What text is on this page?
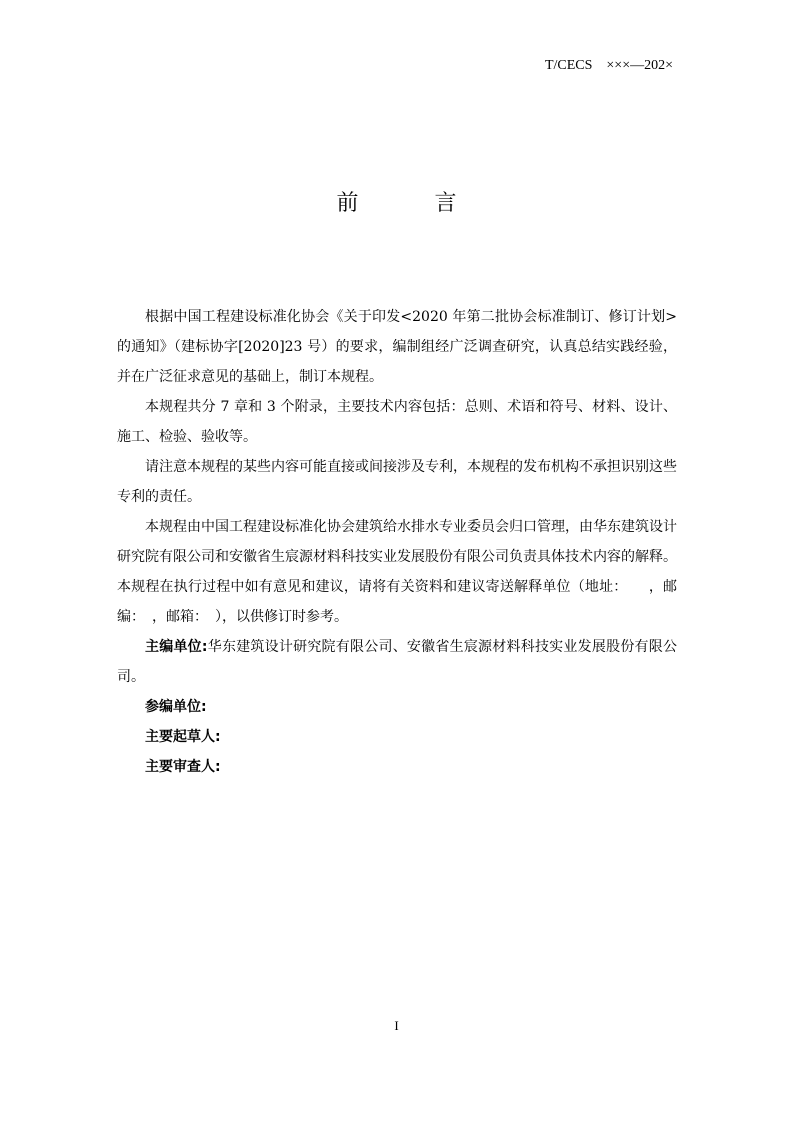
T/CECS ×××—202×
前	言

根据中国工程建设标准化协会《关于印发<2020 年第二批协会标准制订、修订计划>的通知》（建标协字[2020]23 号）的要求，编制组经广泛调查研究，认真总结实践经验，并在广泛征求意见的基础上，制订本规程。

本规程共分 7 章和 3 个附录，主要技术内容包括：总则、术语和符号、材料、设计、施工、检验、验收等。

请注意本规程的某些内容可能直接或间接涉及专利，本规程的发布机构不承担识别这些专利的责任。

本规程由中国工程建设标准化协会建筑给水排水专业委员会归口管理，由华东建筑设计研究院有限公司和安徽省生宸源材料科技实业发展股份有限公司负责具体技术内容的解释。本规程在执行过程中如有意见和建议，请将有关资料和建议寄送解释单位（地址：　　，邮编：　，邮箱：　），以供修订时参考。

主编单位:华东建筑设计研究院有限公司、安徽省生宸源材料科技实业发展股份有限公司。

参编单位:

主要起草人:

主要审查人:

I
